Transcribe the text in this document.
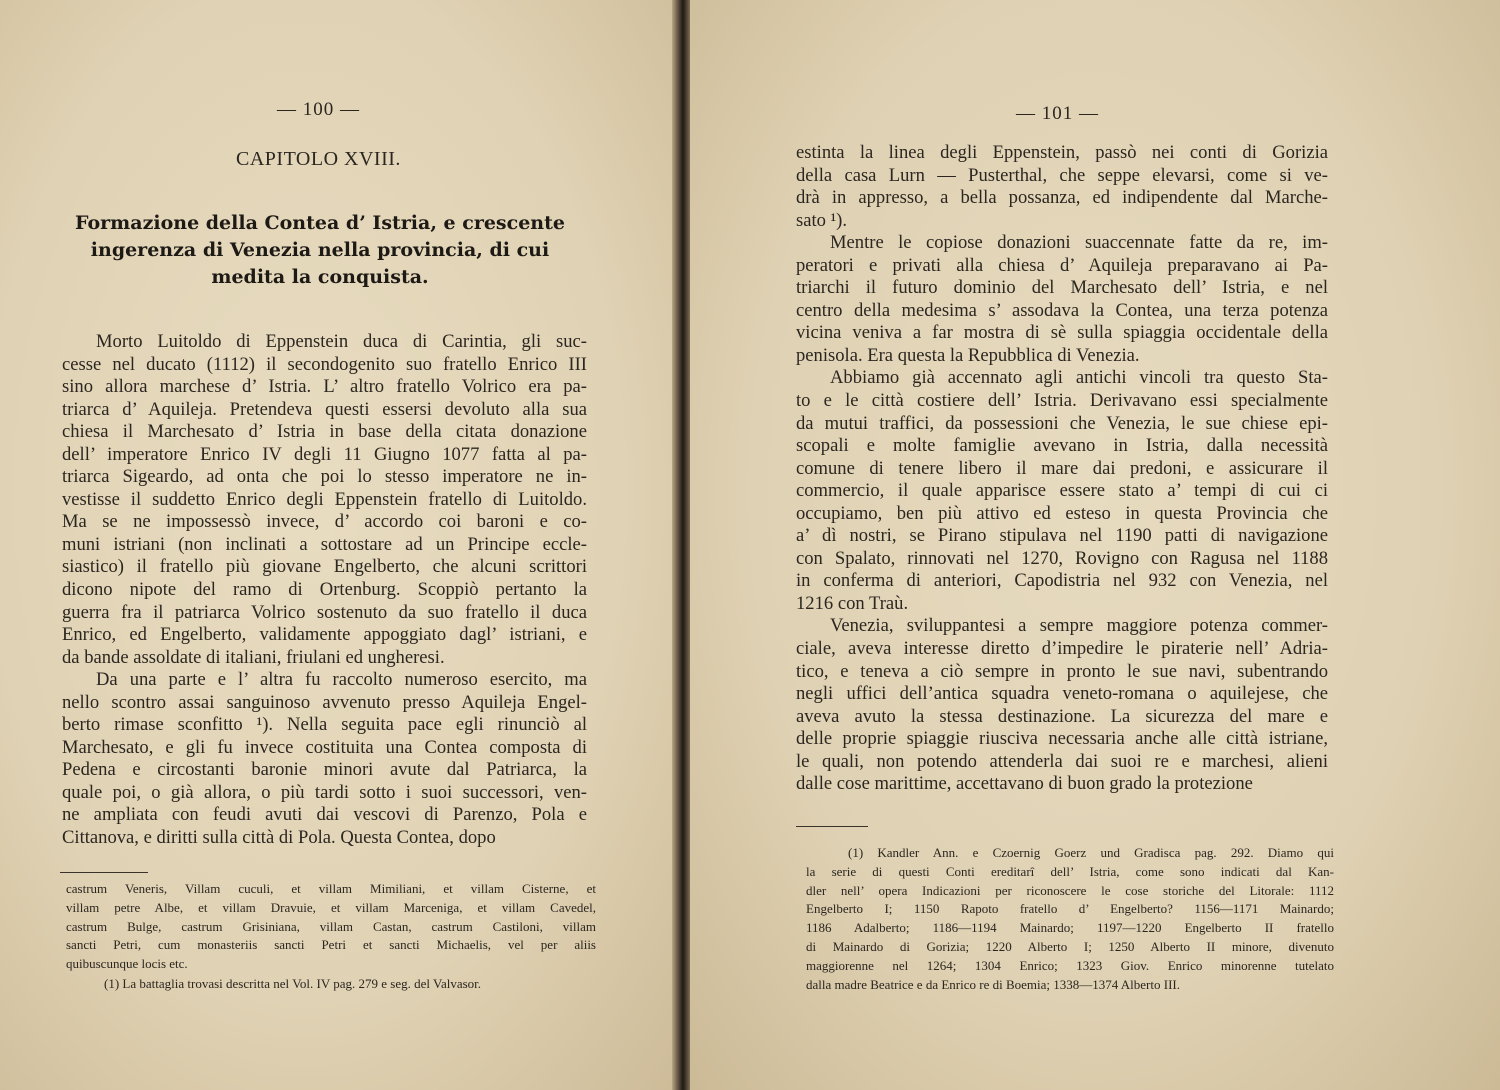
— 100 —
CAPITOLO XVIII.
Formazione della Contea d’ Istria, e crescente ingerenza di Venezia nella provincia, di cui medita la conquista.
Morto Luitoldo di Eppenstein duca di Carintia, gli suc-
cesse nel ducato (1112) il secondogenito suo fratello Enrico III
sino allora marchese d’ Istria. L’ altro fratello Volrico era pa-
triarca d’ Aquileja. Pretendeva questi essersi devoluto alla sua
chiesa il Marchesato d’ Istria in base della citata donazione
dell’ imperatore Enrico IV degli 11 Giugno 1077 fatta al pa-
triarca Sigeardo, ad onta che poi lo stesso imperatore ne in-
vestisse il suddetto Enrico degli Eppenstein fratello di Luitoldo.
Ma se ne impossessò invece, d’ accordo coi baroni e co-
muni istriani (non inclinati a sottostare ad un Principe eccle-
siastico) il fratello più giovane Engelberto, che alcuni scrittori
dicono nipote del ramo di Ortenburg. Scoppiò pertanto la
guerra fra il patriarca Volrico sostenuto da suo fratello il duca
Enrico, ed Engelberto, validamente appoggiato dagl’ istriani, e
da bande assoldate di italiani, friulani ed ungheresi.
Da una parte e l’ altra fu raccolto numeroso esercito, ma
nello scontro assai sanguinoso avvenuto presso Aquileja Engel-
berto rimase sconfitto ¹). Nella seguita pace egli rinunciò al
Marchesato, e gli fu invece costituita una Contea composta di
Pedena e circostanti baronie minori avute dal Patriarca, la
quale poi, o già allora, o più tardi sotto i suoi successori, ven-
ne ampliata con feudi avuti dai vescovi di Parenzo, Pola e
Cittanova, e diritti sulla città di Pola. Questa Contea, dopo
castrum Veneris, Villam cuculi, et villam Mimiliani, et villam Cisterne, et
villam petre Albe, et villam Dravuie, et villam Marceniga, et villam Cavedel,
castrum Bulge, castrum Grisiniana, villam Castan, castrum Castiloni, villam
sancti Petri, cum monasteriis sancti Petri et sancti Michaelis, vel per aliis
quibuscunque locis etc.
(1) La battaglia trovasi descritta nel Vol. IV pag. 279 e seg. del Valvasor.
— 101 —
estinta la linea degli Eppenstein, passò nei conti di Gorizia
della casa Lurn — Pusterthal, che seppe elevarsi, come si ve-
drà in appresso, a bella possanza, ed indipendente dal Marche-
sato ¹).
Mentre le copiose donazioni suaccennate fatte da re, im-
peratori e privati alla chiesa d’ Aquileja preparavano ai Pa-
triarchi il futuro dominio del Marchesato dell’ Istria, e nel
centro della medesima s’ assodava la Contea, una terza potenza
vicina veniva a far mostra di sè sulla spiaggia occidentale della
penisola. Era questa la Repubblica di Venezia.
Abbiamo già accennato agli antichi vincoli tra questo Sta-
to e le città costiere dell’ Istria. Derivavano essi specialmente
da mutui traffici, da possessioni che Venezia, le sue chiese epi-
scopali e molte famiglie avevano in Istria, dalla necessità
comune di tenere libero il mare dai predoni, e assicurare il
commercio, il quale apparisce essere stato a’ tempi di cui ci
occupiamo, ben più attivo ed esteso in questa Provincia che
a’ dì nostri, se Pirano stipulava nel 1190 patti di navigazione
con Spalato, rinnovati nel 1270, Rovigno con Ragusa nel 1188
in conferma di anteriori, Capodistria nel 932 con Venezia, nel
1216 con Traù.
Venezia, sviluppantesi a sempre maggiore potenza commer-
ciale, aveva interesse diretto d’impedire le piraterie nell’ Adria-
tico, e teneva a ciò sempre in pronto le sue navi, subentrando
negli uffici dell’antica squadra veneto-romana o aquilejese, che
aveva avuto la stessa destinazione. La sicurezza del mare e
delle proprie spiaggie riusciva necessaria anche alle città istriane,
le quali, non potendo attenderla dai suoi re e marchesi, alieni
dalle cose marittime, accettavano di buon grado la protezione
(1) Kandler Ann. e Czoernig Goerz und Gradisca pag. 292. Diamo qui
la serie di questi Conti ereditarî dell’ Istria, come sono indicati dal Kan-
dler nell’ opera Indicazioni per riconoscere le cose storiche del Litorale: 1112
Engelberto I; 1150 Rapoto fratello d’ Engelberto? 1156—1171 Mainardo;
1186 Adalberto; 1186—1194 Mainardo; 1197—1220 Engelberto II fratello
di Mainardo di Gorizia; 1220 Alberto I; 1250 Alberto II minore, divenuto
maggiorenne nel 1264; 1304 Enrico; 1323 Giov. Enrico minorenne tutelato
dalla madre Beatrice e da Enrico re di Boemia; 1338—1374 Alberto III.
